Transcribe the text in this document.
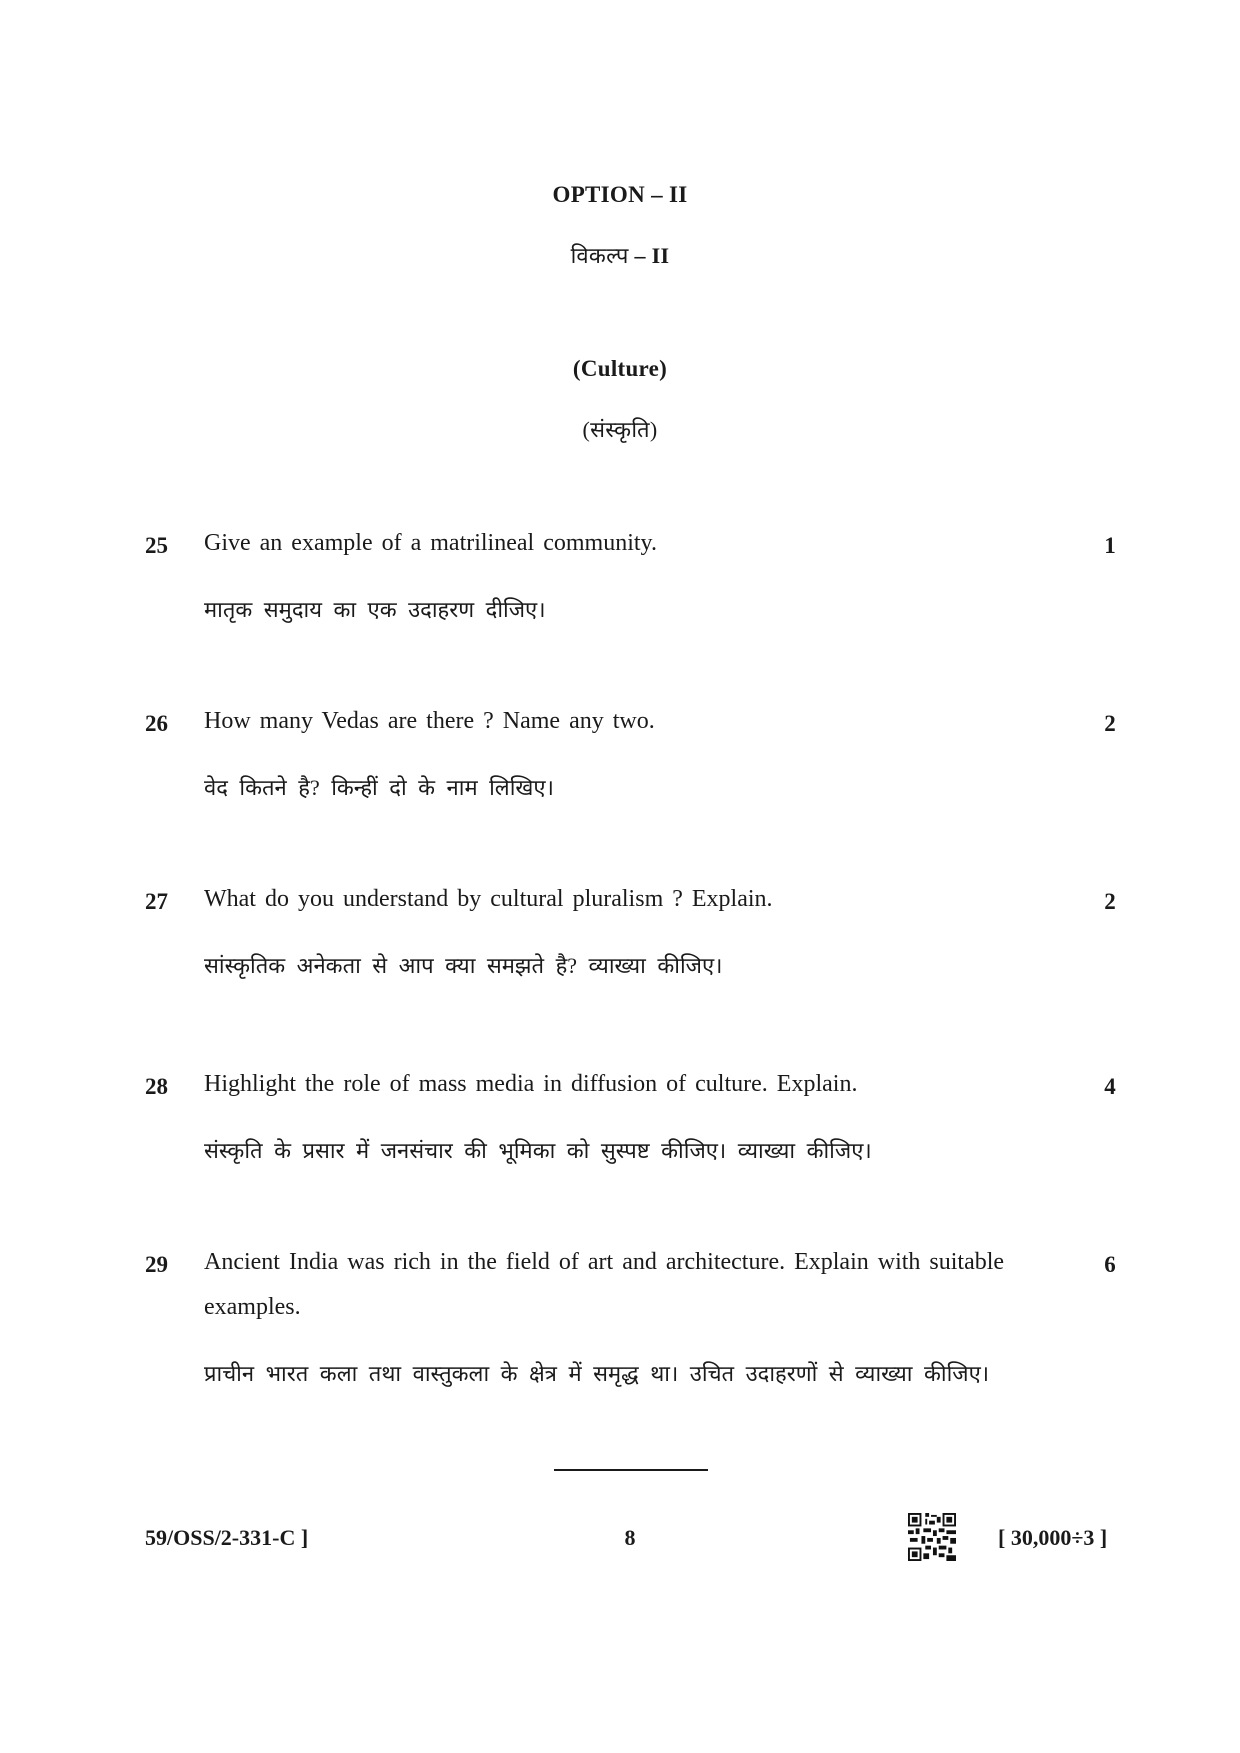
OPTION – II
विकल्प – II
(Culture)
(संस्कृति)
25 Give an example of a matrilineal community.
मातृक समुदाय का एक उदाहरण दीजिए।
1
26 How many Vedas are there ? Name any two.
वेद कितने है? किन्हीं दो के नाम लिखिए।
2
27 What do you understand by cultural pluralism ? Explain.
सांस्कृतिक अनेकता से आप क्या समझते है? व्याख्या कीजिए।
2
28 Highlight the role of mass media in diffusion of culture. Explain.
संस्कृति के प्रसार में जनसंचार की भूमिका को सुस्पष्ट कीजिए। व्याख्या कीजिए।
4
29 Ancient India was rich in the field of art and architecture. Explain with suitable examples.
प्राचीन भारत कला तथा वास्तुकला के क्षेत्र में समृद्ध था। उचित उदाहरणों से व्याख्या कीजिए।
6
59/OSS/2-331-C ]	8	[ 30,000÷3 ]
